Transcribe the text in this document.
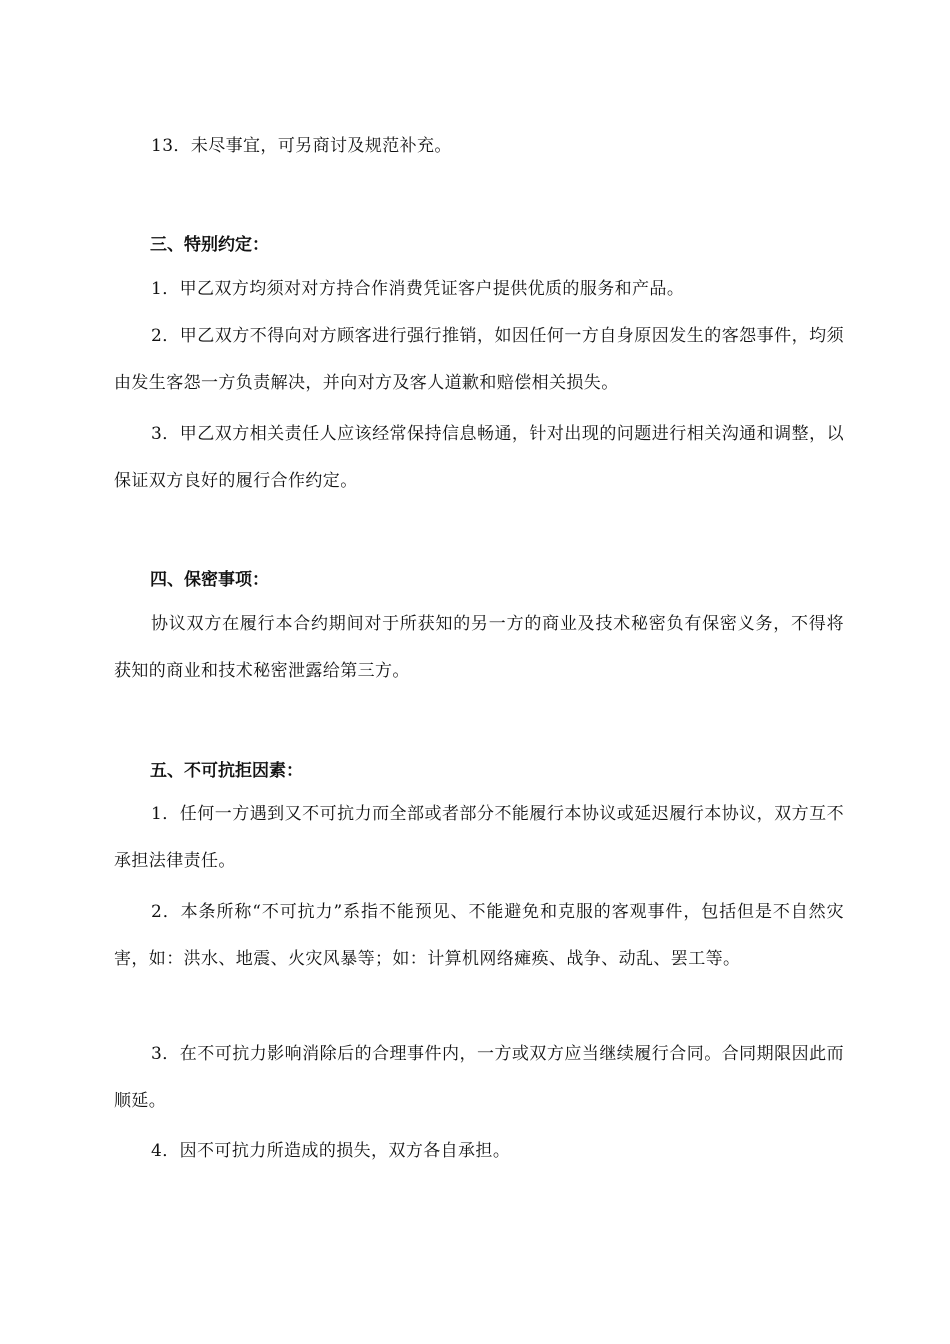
13．未尽事宜，可另商讨及规范补充。

三、特别约定：

1．甲乙双方均须对对方持合作消费凭证客户提供优质的服务和产品。

2．甲乙双方不得向对方顾客进行强行推销，如因任何一方自身原因发生的客怨事件，均须由发生客怨一方负责解决，并向对方及客人道歉和赔偿相关损失。

3．甲乙双方相关责任人应该经常保持信息畅通，针对出现的问题进行相关沟通和调整，以保证双方良好的履行合作约定。

四、保密事项：

协议双方在履行本合约期间对于所获知的另一方的商业及技术秘密负有保密义务，不得将获知的商业和技术秘密泄露给第三方。

五、不可抗拒因素：

1．任何一方遇到又不可抗力而全部或者部分不能履行本协议或延迟履行本协议，双方互不承担法律责任。

2．本条所称“不可抗力”系指不能预见、不能避免和克服的客观事件，包括但是不自然灾害，如：洪水、地震、火灾风暴等；如：计算机网络瘫痪、战争、动乱、罢工等。

3．在不可抗力影响消除后的合理事件内，一方或双方应当继续履行合同。合同期限因此而顺延。

4．因不可抗力所造成的损失，双方各自承担。
